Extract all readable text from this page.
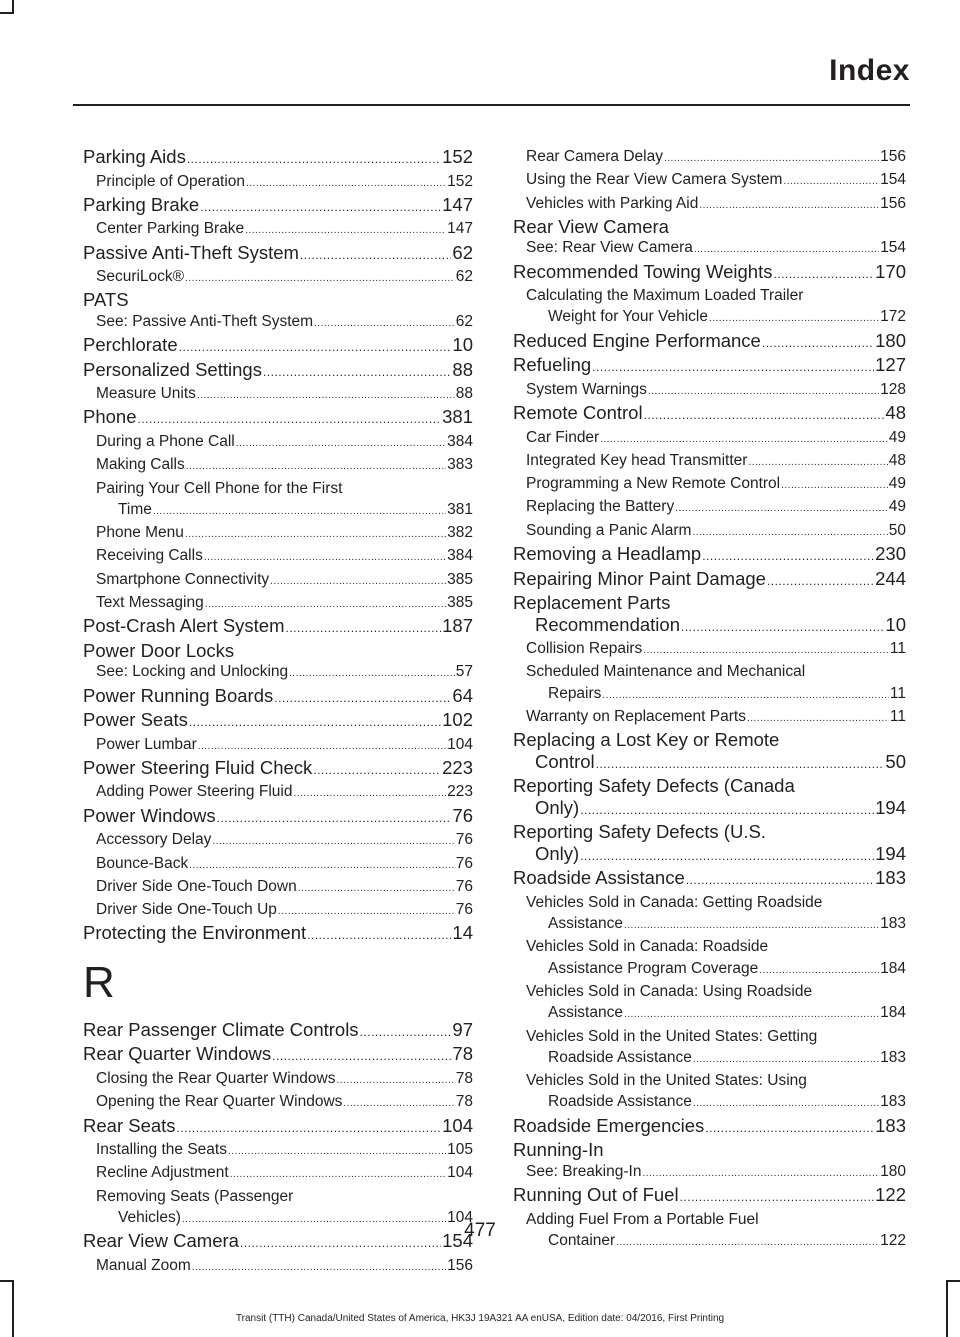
Index
Parking Aids .....	152
Principle of Operation .....	152
Parking Brake .....	147
Center Parking Brake .....	147
Passive Anti-Theft System .....	62
SecuriLock® .....	62
PATS
See: Passive Anti-Theft System .....	62
Perchlorate .....	10
Personalized Settings .....	88
Measure Units .....	88
Phone .....	381
During a Phone Call .....	384
Making Calls .....	383
Pairing Your Cell Phone for the First
Time .....	381
Phone Menu .....	382
Receiving Calls .....	384
Smartphone Connectivity .....	385
Text Messaging .....	385
Post-Crash Alert System .....	187
Power Door Locks
See: Locking and Unlocking .....	57
Power Running Boards .....	64
Power Seats .....	102
Power Lumbar .....	104
Power Steering Fluid Check .....	223
Adding Power Steering Fluid .....	223
Power Windows .....	76
Accessory Delay .....	76
Bounce-Back .....	76
Driver Side One-Touch Down .....	76
Driver Side One-Touch Up .....	76
Protecting the Environment .....	14
R
Rear Passenger Climate Controls .....	97
Rear Quarter Windows .....	78
Closing the Rear Quarter Windows .....	78
Opening the Rear Quarter Windows .....	78
Rear Seats .....	104
Installing the Seats .....	105
Recline Adjustment .....	104
Removing Seats (Passenger
Vehicles) .....	104
Rear View Camera .....	154
Manual Zoom .....	156
Rear Camera Delay .....	156
Using the Rear View Camera System .....	154
Vehicles with Parking Aid .....	156
Rear View Camera
See: Rear View Camera .....	154
Recommended Towing Weights .....	170
Calculating the Maximum Loaded Trailer
Weight for Your Vehicle .....	172
Reduced Engine Performance .....	180
Refueling .....	127
System Warnings .....	128
Remote Control .....	48
Car Finder .....	49
Integrated Key head Transmitter .....	48
Programming a New Remote Control .....	49
Replacing the Battery .....	49
Sounding a Panic Alarm .....	50
Removing a Headlamp .....	230
Repairing Minor Paint Damage .....	244
Replacement Parts
Recommendation .....	10
Collision Repairs .....	11
Scheduled Maintenance and Mechanical
Repairs .....	11
Warranty on Replacement Parts .....	11
Replacing a Lost Key or Remote
Control .....	50
Reporting Safety Defects (Canada
Only) .....	194
Reporting Safety Defects (U.S.
Only) .....	194
Roadside Assistance .....	183
Vehicles Sold in Canada: Getting Roadside
Assistance .....	183
Vehicles Sold in Canada: Roadside
Assistance Program Coverage .....	184
Vehicles Sold in Canada: Using Roadside
Assistance .....	184
Vehicles Sold in the United States: Getting
Roadside Assistance .....	183
Vehicles Sold in the United States: Using
Roadside Assistance .....	183
Roadside Emergencies .....	183
Running-In
See: Breaking-In .....	180
Running Out of Fuel .....	122
Adding Fuel From a Portable Fuel
Container .....	122
477
Transit (TTH) Canada/United States of America, HK3J 19A321 AA enUSA, Edition date: 04/2016, First Printing
